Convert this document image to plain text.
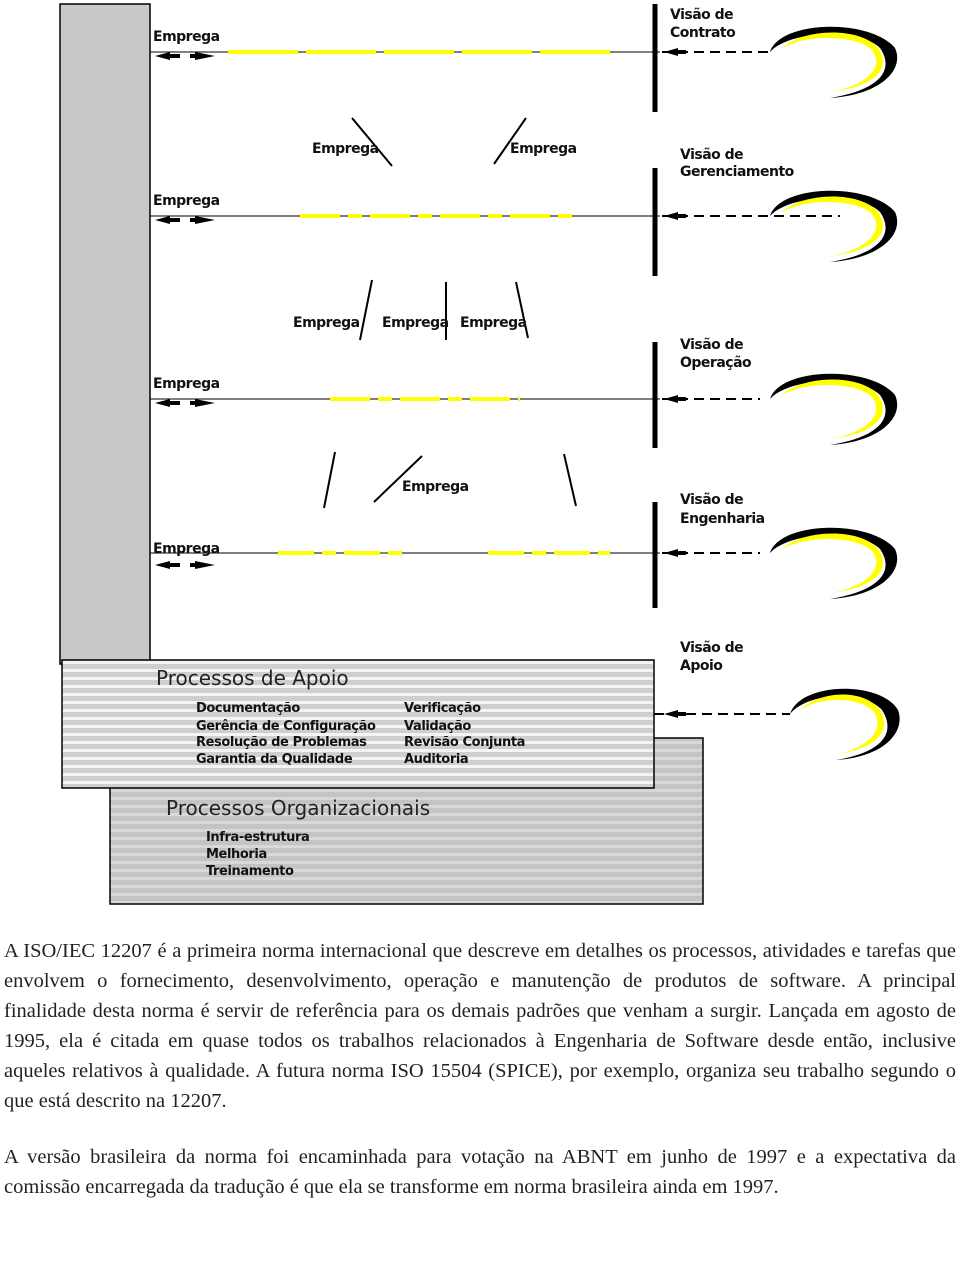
Emprega
Emprega
Emprega
Emprega
Emprega	Emprega
Emprega Emprega Emprega
Emprega
Visão de
Contrato
Visão de
Gerenciamento
Visão de
Operação
Visão de
Engenharia
Visão de
Apoio
Processos de Apoio
Documentação
Gerência de Configuração
Resolução de Problemas
Garantia da Qualidade
Verificação
Validação
Revisão Conjunta
Auditoria
Processos Organizacionais
Infra-estrutura
Melhoria
Treinamento

A ISO/IEC 12207 é a primeira norma internacional que descreve em detalhes os processos, atividades e tarefas que envolvem o fornecimento, desenvolvimento, operação e manutenção de produtos de software. A principal finalidade desta norma é servir de referência para os demais padrões que venham a surgir. Lançada em agosto de 1995, ela é citada em quase todos os trabalhos relacionados à Engenharia de Software desde então, inclusive aqueles relativos à qualidade. A futura norma ISO 15504 (SPICE), por exemplo, organiza seu trabalho segundo o que está descrito na 12207.

A versão brasileira da norma foi encaminhada para votação na ABNT em junho de 1997 e a expectativa da comissão encarregada da tradução é que ela se transforme em norma brasileira ainda em 1997.
